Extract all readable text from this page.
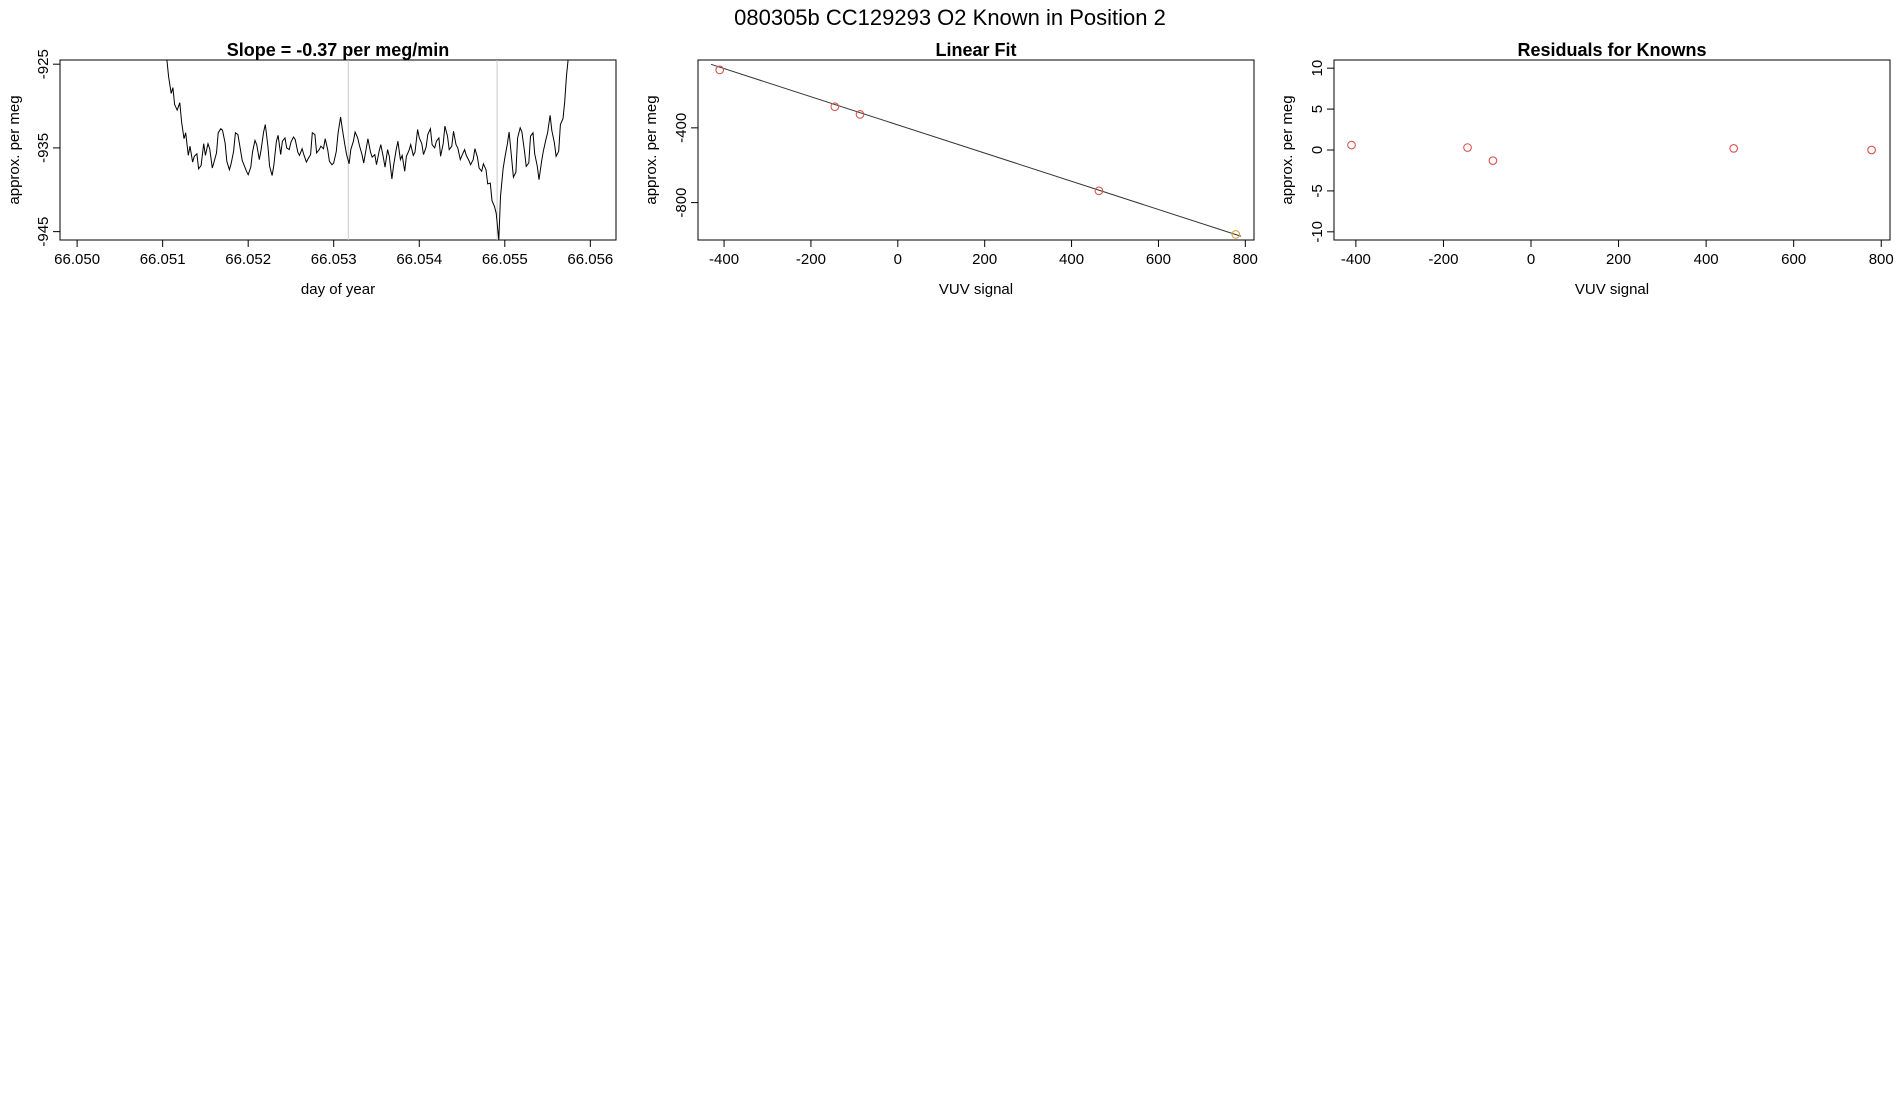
080305b CC129293 O2 Known in Position 2
Slope = -0.37 per meg/min
66.050	66.051	66.052	66.053	66.054	66.055	66.056
-925
-935
-945
day of year
approx. per meg
Linear Fit
-400	-200	0	200	400	600	800
-400
-800
VUV signal
approx. per meg
Residuals for Knowns
-400	-200	0	200	400	600	800
-10
-5
0
5
10
VUV signal
approx. per meg
